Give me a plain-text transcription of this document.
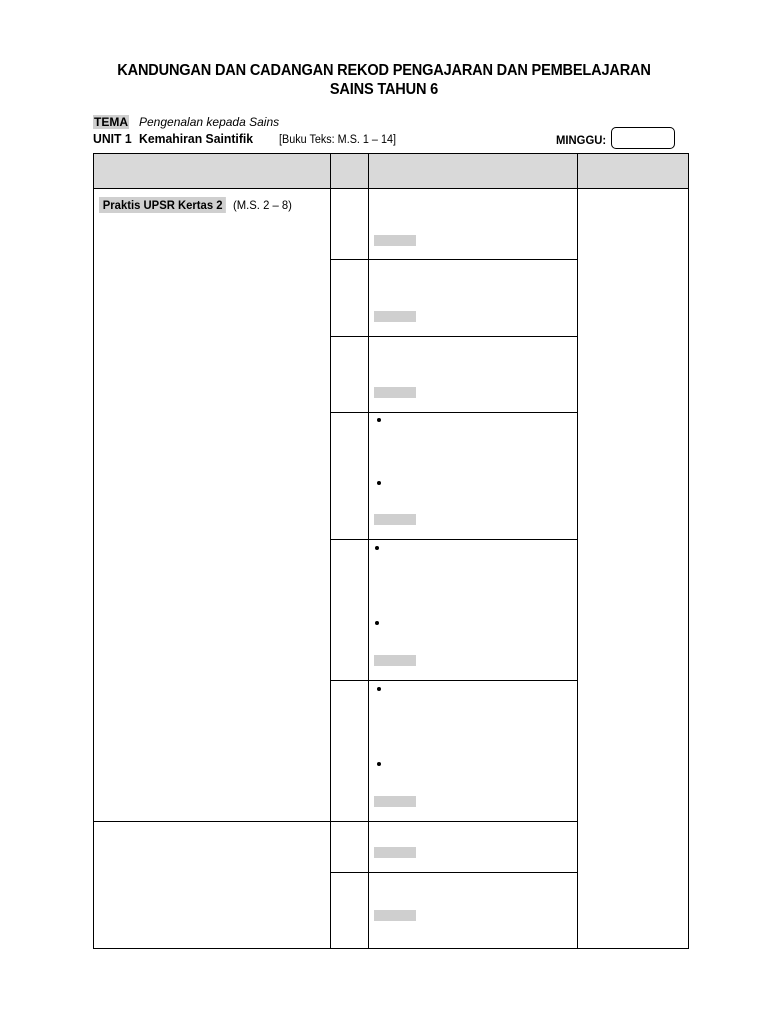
KANDUNGAN DAN CADANGAN REKOD PENGAJARAN DAN PEMBELAJARAN
SAINS TAHUN 6
TEMA Pengenalan kepada Sains
UNIT 1 Kemahiran Saintifik [Buku Teks: M.S. 1 – 14]	MINGGU:
Praktis UPSR Kertas 2 (M.S. 2 – 8)
